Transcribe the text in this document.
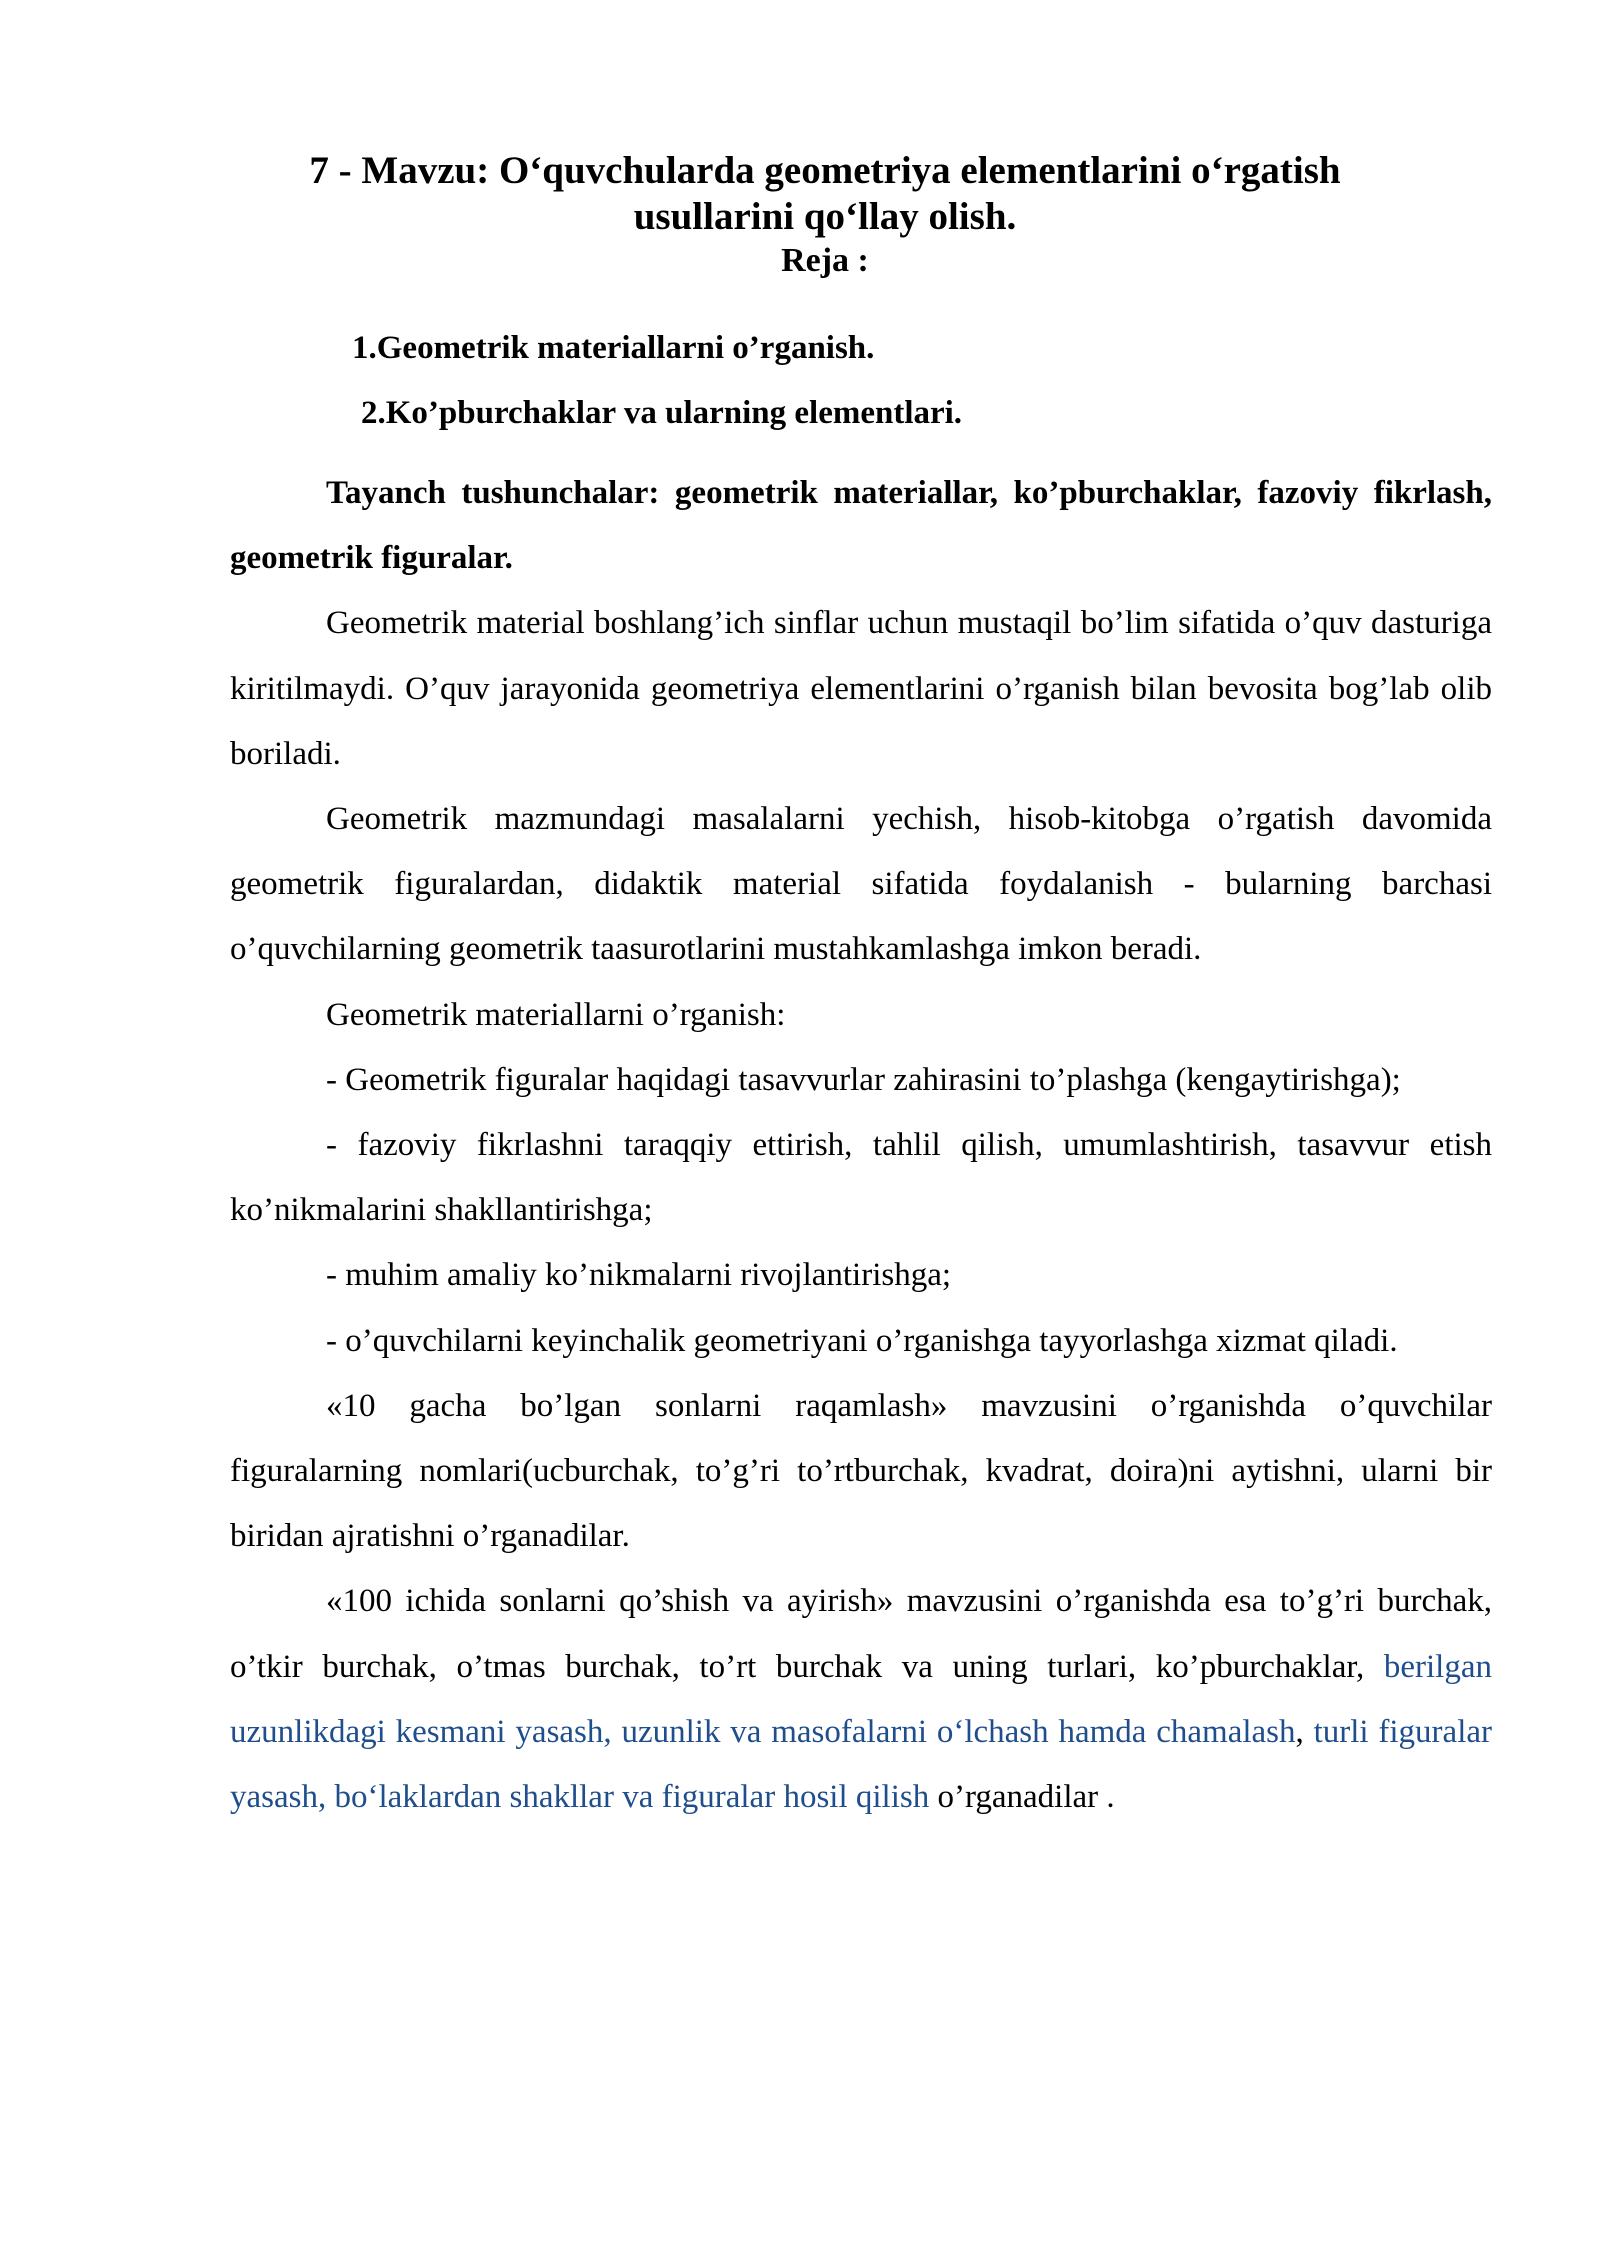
7 - Mavzu: O‘quvchularda geometriya elementlarini o‘rgatish
usullarini qo‘llay olish.
Reja :
1.Geometrik materiallarni o’rganish.
2.Ko’pburchaklar va ularning elementlari.

Tayanch tushunchalar: geometrik materiallar, ko’pburchaklar, fazoviy fikrlash, geometrik figuralar.

Geometrik material boshlang’ich sinflar uchun mustaqil bo’lim sifatida o’quv dasturiga kiritilmaydi. O’quv jarayonida geometriya elementlarini o’rganish bilan bevosita bog’lab olib boriladi.

Geometrik mazmundagi masalalarni yechish, hisob-kitobga o’rgatish davomida geometrik figuralardan, didaktik material sifatida foydalanish - bularning barchasi o’quvchilarning geometrik taasurotlarini mustahkamlashga imkon beradi.

Geometrik materiallarni o’rganish:

- Geometrik figuralar haqidagi tasavvurlar zahirasini to’plashga (kengaytirishga);

- fazoviy fikrlashni taraqqiy ettirish, tahlil qilish, umumlashtirish, tasavvur etish ko’nikmalarini shakllantirishga;

- muhim amaliy ko’nikmalarni rivojlantirishga;

- o’quvchilarni keyinchalik geometriyani o’rganishga tayyorlashga xizmat qiladi.

«10 gacha bo’lgan sonlarni raqamlash» mavzusini o’rganishda o’quvchilar figuralarning nomlari(ucburchak, to’g’ri to’rtburchak, kvadrat, doira)ni aytishni, ularni bir biridan ajratishni o’rganadilar.

«100 ichida sonlarni qo’shish va ayirish» mavzusini o’rganishda esa to’g’ri burchak, o’tkir burchak, o’tmas burchak, to’rt burchak va uning turlari, ko’pburchaklar, berilgan uzunlikdagi kesmani yasash, uzunlik va masofalarni o‘lchash hamda chamalash, turli figuralar yasash, bo‘laklardan shakllar va figuralar hosil qilish o’rganadilar .
